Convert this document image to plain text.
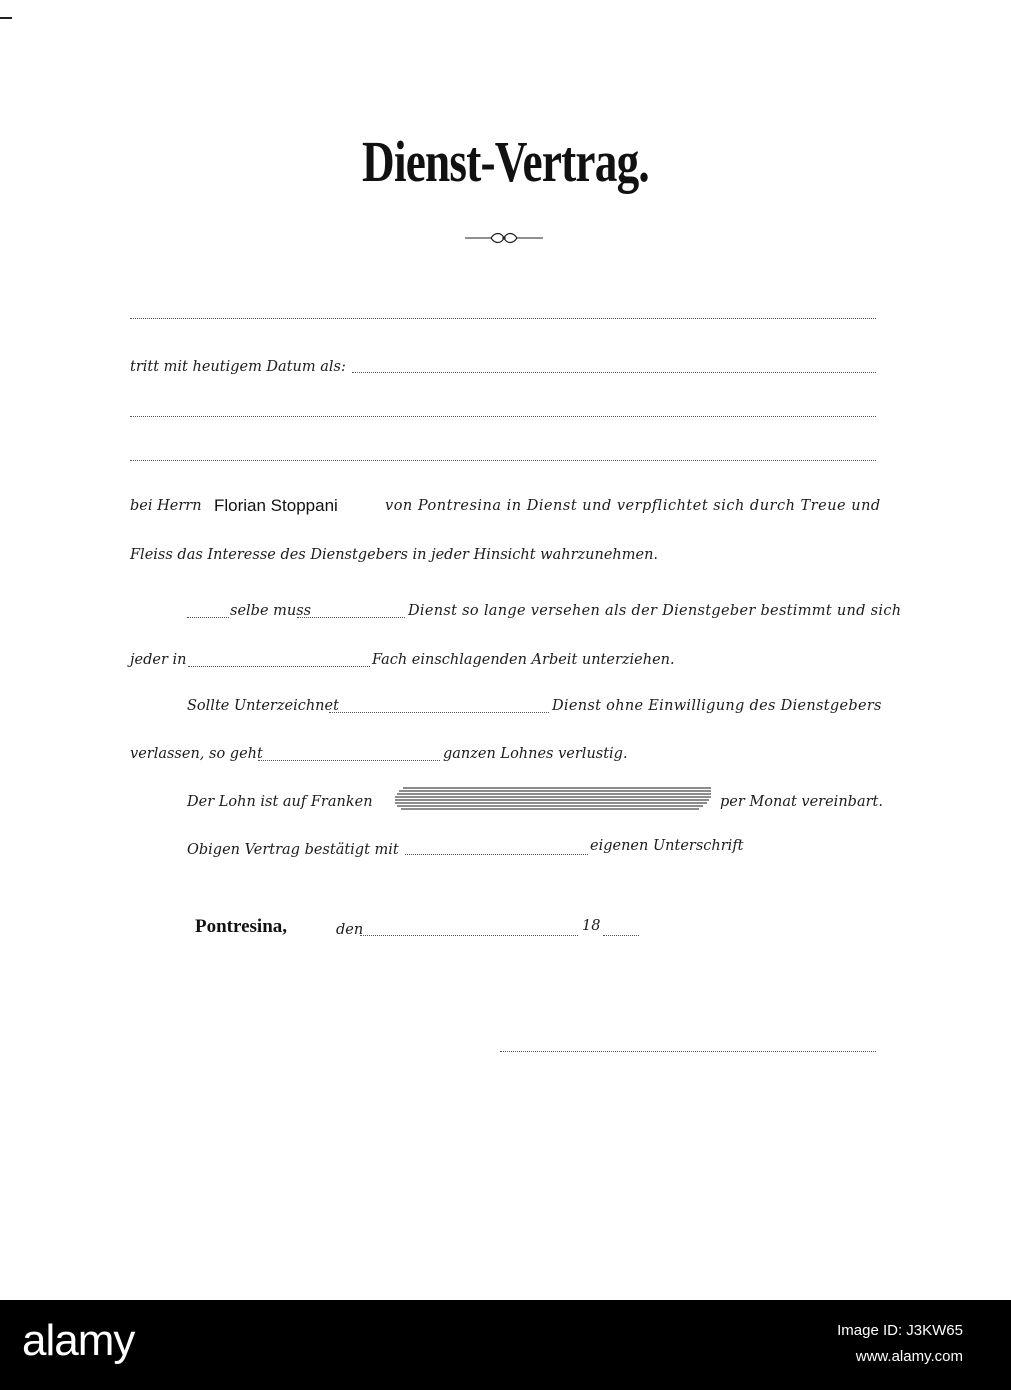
Dienst-Vertrag.
tritt mit heutigem Datum als:
bei Herrn Florian Stoppani	von Pontresina in Dienst und verpflichtet sich durch Treue und
Fleiss das Interesse des Dienstgebers in jeder Hinsicht wahrzunehmen.
selbe muss	Dienst so lange versehen als der Dienstgeber bestimmt und sich
jeder in	Fach einschlagenden Arbeit unterziehen.
Sollte Unterzeichnet	Dienst ohne Einwilligung des Dienstgebers
verlassen, so geht	ganzen Lohnes verlustig.
Der Lohn ist auf Franken	per Monat vereinbart.
Obigen Vertrag bestätigt mit	eigenen Unterschrift
Pontresina,	den	18
alamy	Image ID: J3KW65
www.alamy.com
